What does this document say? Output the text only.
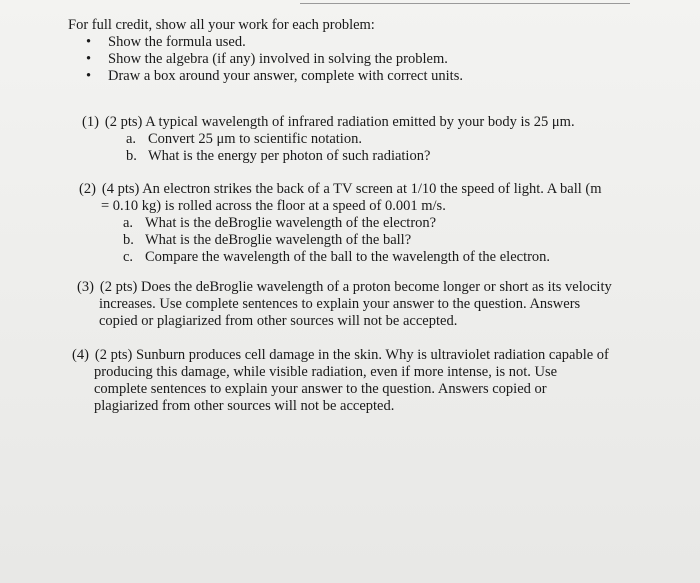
For full credit, show all your work for each problem:
• Show the formula used.
• Show the algebra (if any) involved in solving the problem.
• Draw a box around your answer, complete with correct units.
(1) (2 pts) A typical wavelength of infrared radiation emitted by your body is 25 μm.
a. Convert 25 μm to scientific notation.
b. What is the energy per photon of such radiation?
(2) (4 pts) An electron strikes the back of a TV screen at 1/10 the speed of light. A ball (m
= 0.10 kg) is rolled across the floor at a speed of 0.001 m/s.
a. What is the deBroglie wavelength of the electron?
b. What is the deBroglie wavelength of the ball?
c. Compare the wavelength of the ball to the wavelength of the electron.
(3) (2 pts) Does the deBroglie wavelength of a proton become longer or short as its velocity
increases. Use complete sentences to explain your answer to the question. Answers
copied or plagiarized from other sources will not be accepted.
(4) (2 pts) Sunburn produces cell damage in the skin. Why is ultraviolet radiation capable of
producing this damage, while visible radiation, even if more intense, is not. Use
complete sentences to explain your answer to the question. Answers copied or
plagiarized from other sources will not be accepted.
